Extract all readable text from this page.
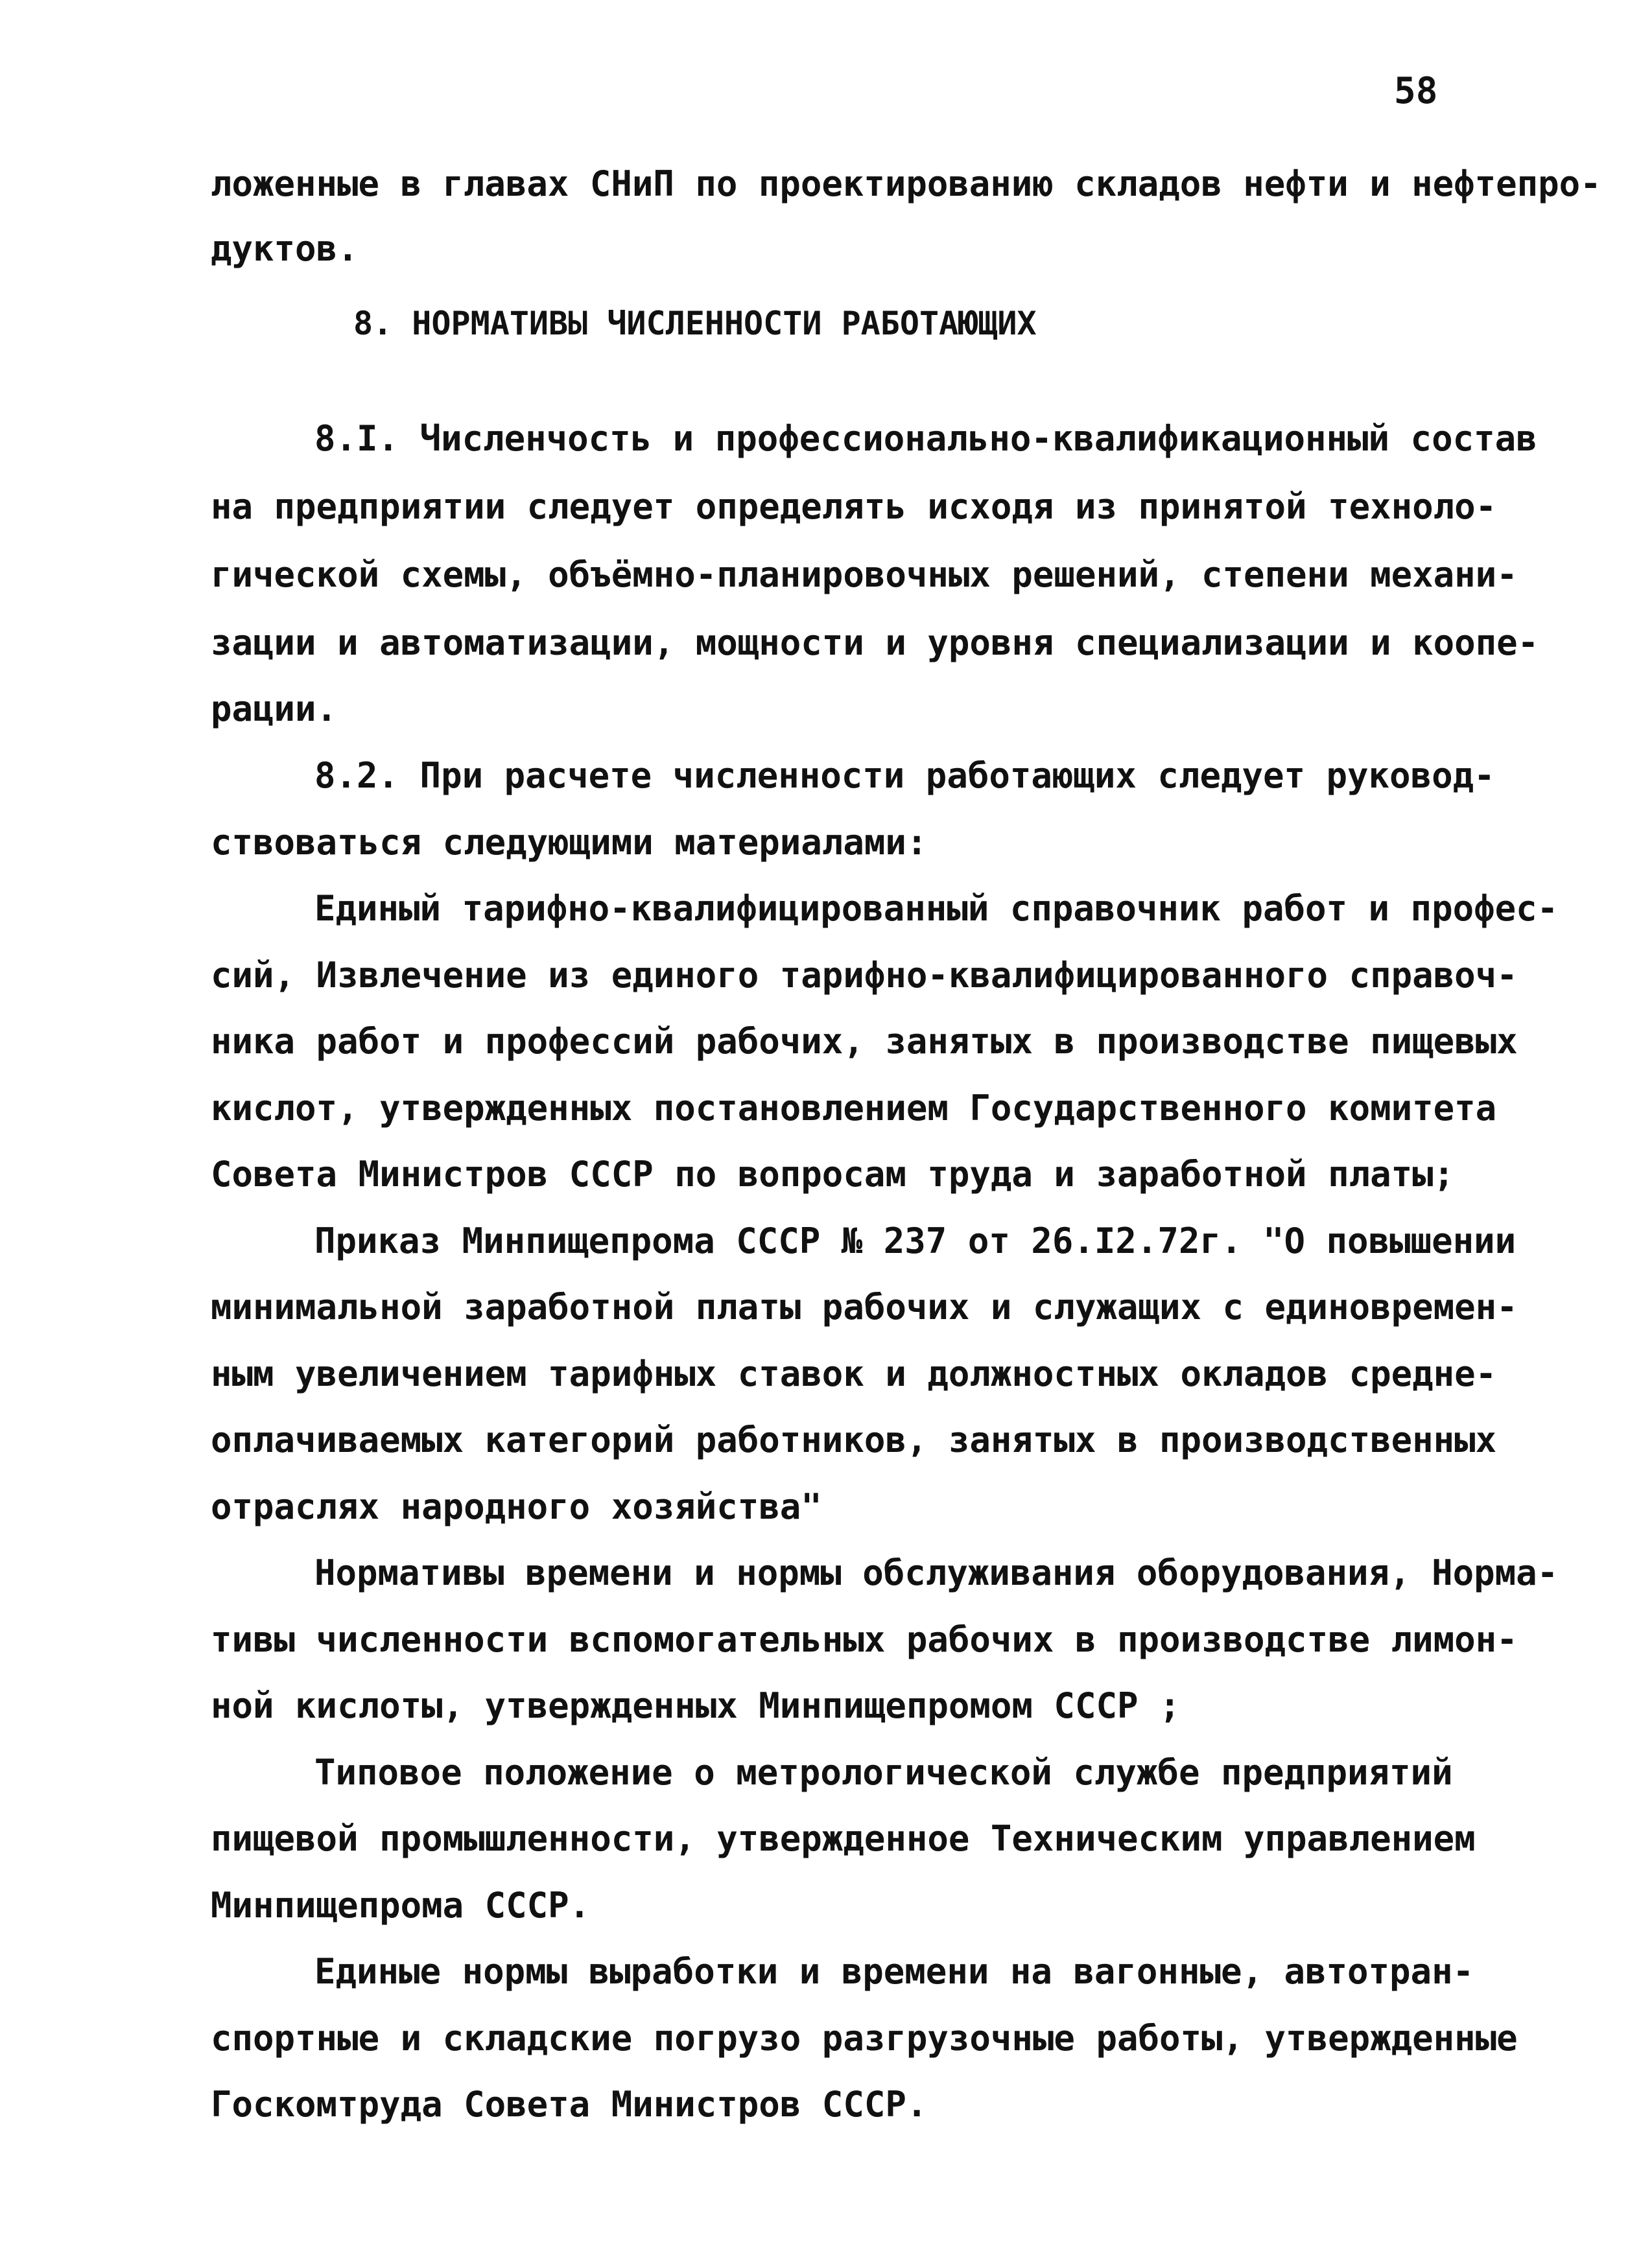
58
ложенные в главах СНиП по проектированию складов нефти и нефтепро-
дуктов.
8. НОРМАТИВЫ ЧИСЛЕННОСТИ РАБОТАЮЩИХ
8.I. Численчость и профессионально-квалификационный состав
на предприятии следует определять исходя из принятой техноло-
гической схемы, объёмно-планировочных решений, степени механи-
зации и автоматизации, мощности и уровня специализации и коопе-
рации.
8.2. При расчете численности работающих следует руковод-
ствоваться следующими материалами:
Единый тарифно-квалифицированный справочник работ и профес-
сий, Извлечение из единого тарифно-квалифицированного справоч-
ника работ и профессий рабочих, занятых в производстве пищевых
кислот, утвержденных постановлением Государственного комитета
Совета Министров СССР по вопросам труда и заработной платы;
Приказ Минпищепрома СССР № 237 от 26.I2.72г. "О повышении
минимальной заработной платы рабочих и служащих с единовремен-
ным увеличением тарифных ставок и должностных окладов средне-
оплачиваемых категорий работников, занятых в производственных
отраслях народного хозяйства"
Нормативы времени и нормы обслуживания оборудования, Норма-
тивы численности вспомогательных рабочих в производстве лимон-
ной кислоты, утвержденных Минпищепромом СССР ;
Типовое положение о метрологической службе предприятий
пищевой промышленности, утвержденное Техническим управлением
Минпищепрома СССР.
Единые нормы выработки и времени на вагонные, автотран-
спортные и складские погрузо разгрузочные работы, утвержденные
Госкомтруда Совета Министров СССР.
